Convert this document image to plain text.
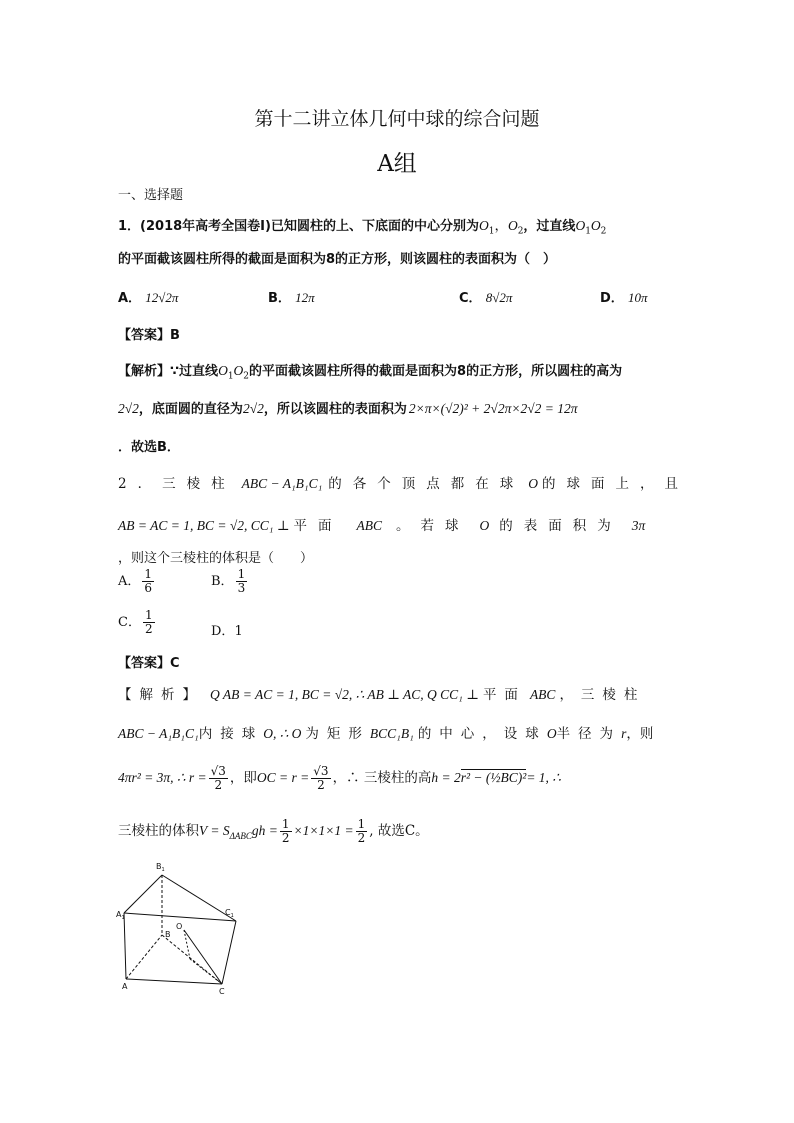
第十二讲立体几何中球的综合问题
A组
一、选择题
1．(2018年高考全国卷Ⅰ)已知圆柱的上、下底面的中心分别为$O_1$，$O_2$，过直线$O_1O_2$
的平面截该圆柱所得的截面是面积为8的正方形，则该圆柱的表面积为（　）
A． 12√2π	B． 12π	C． 8√2π	D． 10π
【答案】B
【解析】∵过直线$O_1O_2$的平面截该圆柱所得的截面是面积为8的正方形，所以圆柱的高为
2√2，底面圆的直径为2√2，所以该圆柱的表面积为 2×π×(√2)² + 2√2π×2√2 = 12π
．故选B．
2．三棱柱 ABC − A₁B₁C₁ 的各个顶点都在球 O 的球面上，且
AB = AC = 1, BC = √2, CC₁ ⊥ 平面 ABC 。若球 O 的表面积为 3π
，则这个三棱柱的体积是（　　）
A． $\frac{1}{6}$	B． $\frac{1}{3}$
C． $\frac{1}{2}$	D．1
【答案】C
【解析】 Q AB = AC = 1, BC = √2, ∴ AB ⊥ AC, Q CC₁ ⊥ 平面 ABC ，三棱柱
ABC − A₁B₁C₁内接球O, ∴ O 为矩形BCC₁B₁ 的中心，设球O半径为r，则
4πr² = 3π, ∴ $r = \frac{√3}{2}$ ，即OC = $r = \frac{√3}{2}$ ，∴ 三棱柱的高h = 2r² − (½BC)²= 1, ∴
三棱柱的体积$V = S_{\Delta ABC}gh = \frac{1}{2} \times 1\times 1\times 1 = \frac{1}{2}$ , 故选C。
$B_1$
$A_1$
$C_1$
B
O
A
C
